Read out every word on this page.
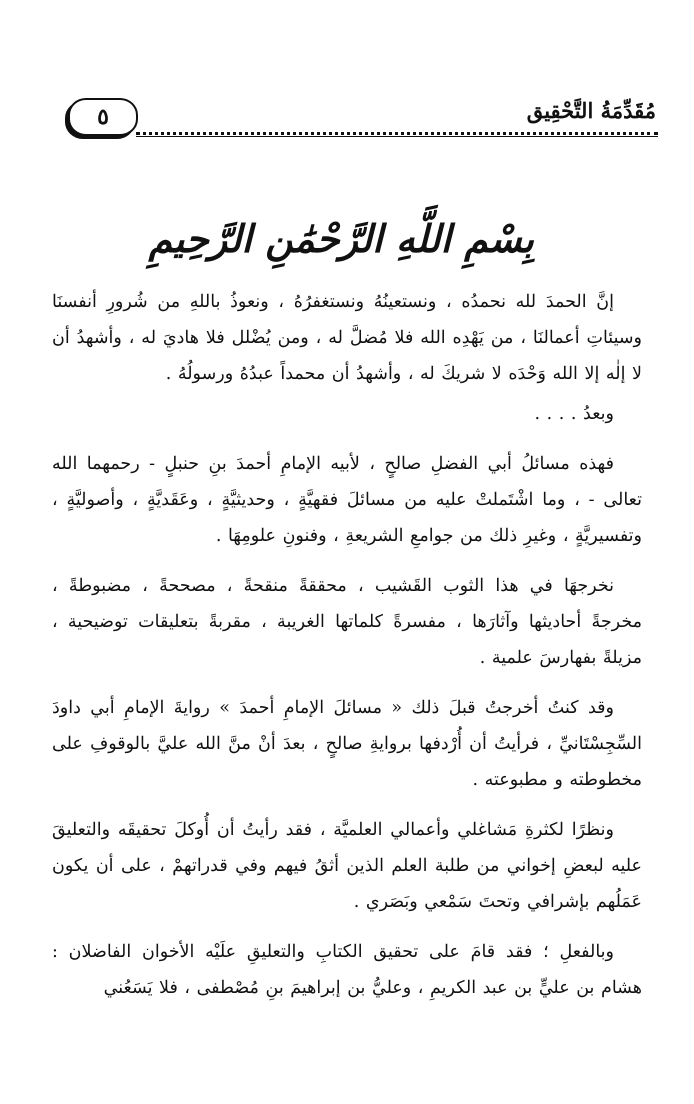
مُقَدِّمَةُ التَّحْقِيق
٥
بِسْمِ اللَّهِ الرَّحْمَٰنِ الرَّحِيمِ

إنَّ الحمدَ لله نحمدُه ، ونستعينُهُ ونستغفرُهُ ، ونعوذُ باللهِ من شُرورِ أنفسنَا وسيئاتِ أعمالنَا ، من يَهْدِه الله فلا مُضلَّ له ، ومن يُضْلل فلا هاديَ له ، وأشهدُ أن لا إلٰه إلا الله وَحْدَه لا شريكَ له ، وأشهدُ أن محمداً عبدُهُ ورسولُهُ .

وبعدُ . . . .

فهذه مسائلُ أبي الفضلِ صالحٍ ، لأبيه الإمامِ أحمدَ بنِ حنبلٍ - رحمهما الله تعالى - ، وما اشْتَملتْ عليه من مسائلَ فقهيَّةٍ ، وحديثيَّةٍ ، وعَقَديَّةٍ ، وأصوليَّةٍ ، وتفسيريَّةٍ ، وغيرِ ذلك من جوامعِ الشريعةِ ، وفنونِ علومِهَا .

نخرجهَا في هذا الثوب القَشيب ، محققةً منقحةً ، مصححةً ، مضبوطةً ، مخرجةً أحاديثها وآثارَها ، مفسرةً كلماتها الغريبة ، مقربةً بتعليقات توضيحية ، مزيلةً بفهارسَ علمية .

وقد كنتُ أخرجتُ قبلَ ذلك « مسائلَ الإمامِ أحمدَ » روايةَ الإمامِ أبي داودَ السِّجِسْتَانيِّ ، فرأيتُ أن أُرْدفها بروايةِ صالحٍ ، بعدَ أنْ منَّ الله عليَّ بالوقوفِ على مخطوطته و مطبوعته .

ونظرًا لكثرةِ مَشاغلي وأعمالي العلميَّة ، فقد رأيتُ أن أُوكلَ تحقيقَه والتعليقَ عليه لبعضِ إخواني من طلبة العلم الذين أثقُ فيهم وفي قدراتهمْ ، على أن يكون عَمَلُهم بإشرافي وتحتَ سَمْعي وبَصَري .

وبالفعلِ ؛ فقد قامَ على تحقيق الكتابِ والتعليقِ علَيْه الأخوان الفاضلان : هشام بن عليٍّ بن عبد الكريمِ ، وعليُّ بن إبراهيمَ بنِ مُصْطفى ، فلا يَسَعُني
